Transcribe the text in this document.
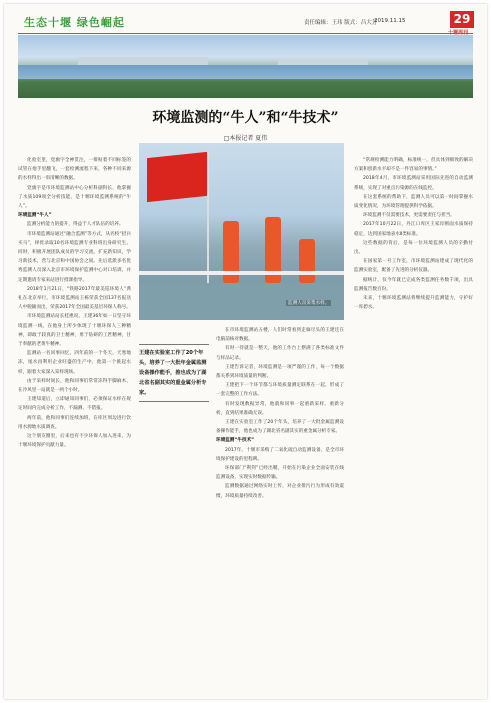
生态十堰 绿色崛起	责任编辑：王玮 版式：吕大芳
2019.11.15	29
环境监测的“牛人”和“牛技术”
□本报记者 夏伟

化验室里，党旗字全神贯注，一排贴着不同标签的试管在他手里翻飞，一套检测流程下来，各种不同来源的水样得出一串清晰的数据。

党旗字是市环境监测站中心分析科副科长，他掌握了水质109项全分析技能，是十堰环境监测系统的“牛人”。

环境监测“牛人”

监测分析能力的提升，得益于人才队伍的培养。

市环境监测站通过“融合监测”等方式，从名校“招兵买马”，择优录取10名环境监测专业科班出身研究生。同时，积极开展团队成员的学习交流，扩充新知识，学习新技术，营与北京和中国协会之间。先后选派多名优秀监测人员深入北京市环境保护监测中心对口培训，并定期邀请专家来站进行授课指导。

2018年1月21日，“铁路2017年最美巡环境人”典礼在北京举行，市环境监测站王栋荣获全国137名报送人中脱颖而出，荣获2017年全国最美基层环保人称号。

市环境监测站站长桂惠说，王建36年如一日坚守环境监测一线，在他身上所少体现了十堰环保人三种精神，即敢于较真的卫士精神，勇于钻研的工匠精神，甘于奉献的老黄牛精神。

监测站一名同事回忆，四年前的一个冬天，天寒地冻，尾水再利用企业旺盛的生产中，他第一个挑起水样，跟着大家深入采样现场。

由于采样时间长，他和同事们常常冻得手脚麻木，在冷风里一站就是一两个小时。

王建知道后，立即通知同事们，必须保证水样在规定时间内完成分析工作，不漏测、不错报。

两年前，他和同事们连续加班，在库区周边进行饮用水源地水质调查。

这个朋友圈里，后来也有不少环保人加入进来，为十堰环境保护贡献力量。

监测人员采集水样。
王建在实验室工作了20个年头，培养了一大批年金属监测设备操作能手，推也成为了湖北省名副其实的重金属分析专家。

在市环境监测站五楼，人们时常看到走廊尽头的王建还在电脑前核对数据。

有时一待就是一整天，他的工作台上摆满了各类标准文件与样品记录。

王建告诉记者，环境监测是一项严谨的工作，每一个数据都关系到环境质量的判断。

王建把下一个环节都与环境质量测定联系在一起，形成了一套完整的工作方法。

有时发现数据异常，他就和同事一起重新采样、重新分析，直到结果准确无误。

王建在实验室工作了20个年头，培养了一大批金属监测设备操作能手，他也成为了湖北省名副其实的重金属分析专家。

环境监测“牛技术”

2017年，十堰市采购了二氧化硫自动监测设备，是全市环境保护建设的里程碑。

环保部门“利剑”已经出鞘，开始在污染企业全面安装在线监测设备，实现实时数据传输。

监测数据通过网络实时上传，对企业排污行为形成有效震慑，环境质量持续改善。

“常规检测能力明确，标准统一，但具体到细致的解决方案和创新水平却不是一件容易的事情。”

2018年4月，市环境监测站采用国际先进的自动监测系统，实现了对重点污染源的在线监控。

在这套系统的帮助下，监测人员可以第一时间掌握水质变化情况，为环境管理提供科学依据。

环境监测不仅需要技术，更需要责任与担当。

2017年10月22日，丹江口库区王家岸断面水质保持稳定，达到国家地表水Ⅱ类标准。

这些数据的背后，是每一位环境监测人员的辛勤付出。

在国家第一号工作室，市环境监测站建成了现代化的监测实验室，配备了先进的分析仪器。

据统计，仅今年就已完成各类监测任务数千项，出具监测报告数百份。

未来，十堰环境监测站将继续提升监测能力，守护好一库碧水。
